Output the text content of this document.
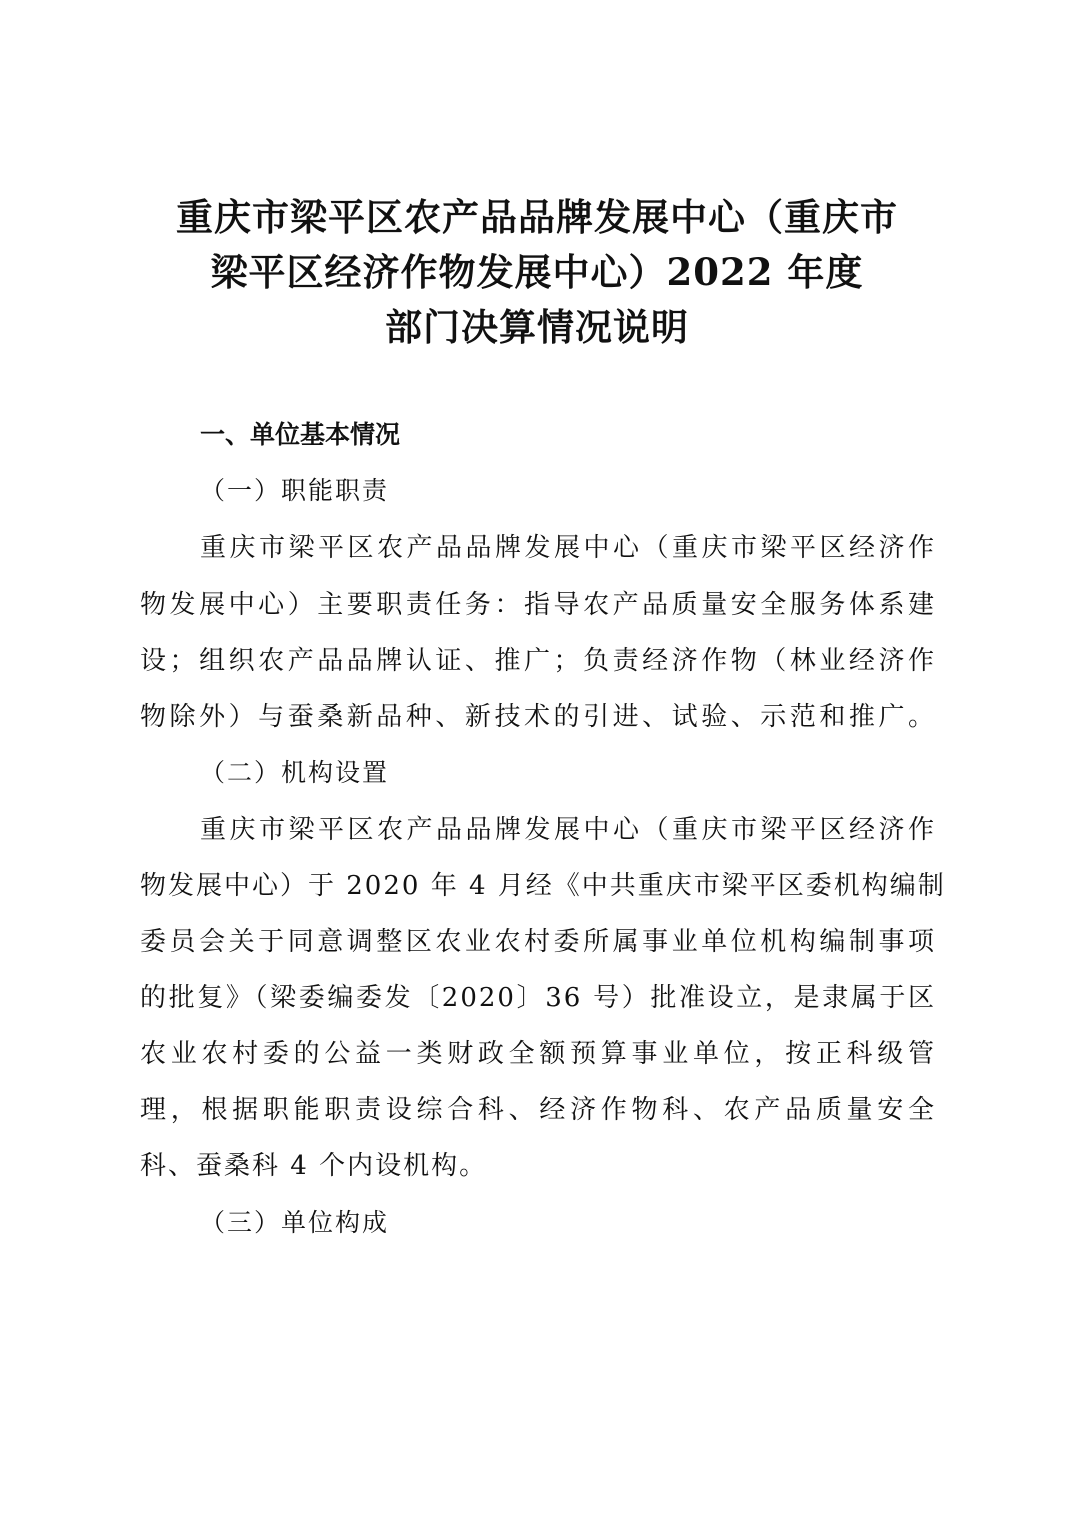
重庆市梁平区农产品品牌发展中心（重庆市
梁平区经济作物发展中心）2022 年度
部门决算情况说明
一、单位基本情况
（一）职能职责
重庆市梁平区农产品品牌发展中心（重庆市梁平区经济作
物发展中心）主要职责任务：指导农产品质量安全服务体系建
设；组织农产品品牌认证、推广；负责经济作物（林业经济作
物除外）与蚕桑新品种、新技术的引进、试验、示范和推广。
（二）机构设置
重庆市梁平区农产品品牌发展中心（重庆市梁平区经济作
物发展中心）于 2020 年 4 月经《中共重庆市梁平区委机构编制
委员会关于同意调整区农业农村委所属事业单位机构编制事项
的批复》（梁委编委发〔2020〕36 号）批准设立，是隶属于区
农业农村委的公益一类财政全额预算事业单位，按正科级管
理，根据职能职责设综合科、经济作物科、农产品质量安全
科、蚕桑科 4 个内设机构。
（三）单位构成
